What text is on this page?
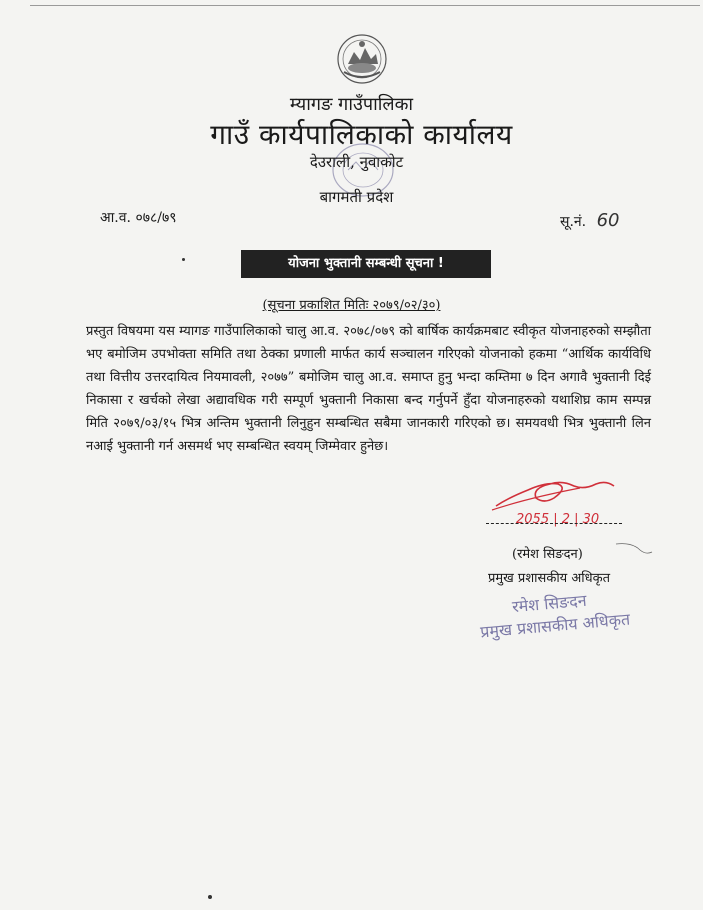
म्यागङ गाउँपालिका
गाउँ कार्यपालिकाको कार्यालय
देउराली, नुवाकोट
बागमती प्रदेश
आ.व. ०७८/७९	सू.नं. 60
योजना भुक्तानी सम्बन्धी सूचना !
(सूचना प्रकाशित मितिः २०७९/०२/३०)
प्रस्तुत विषयमा यस म्यागङ गाउँपालिकाको चालु आ.व. २०७८/०७९ को बार्षिक कार्यक्रमबाट स्वीकृत योजनाहरुको सम्झौता भए बमोजिम उपभोक्ता समिति तथा ठेक्का प्रणाली मार्फत कार्य सञ्चालन गरिएको योजनाको हकमा “आर्थिक कार्यविधि तथा वित्तीय उत्तरदायित्व नियमावली, २०७७” बमोजिम चालु आ.व. समाप्त हुनु भन्दा कम्तिमा ७ दिन अगावै भुक्तानी दिई निकासा र खर्चको लेखा अद्यावधिक गरी सम्पूर्ण भुक्तानी निकासा बन्द गर्नुपर्ने हुँदा योजनाहरुको यथाशिघ्र काम सम्पन्न मिति २०७९/०३/१५ भित्र अन्तिम भुक्तानी लिनुहुन सम्बन्धित सबैमा जानकारी गरिएको छ। समयवधी भित्र भुक्तानी लिन नआई भुक्तानी गर्न असमर्थ भए सम्बन्धित स्वयम् जिम्मेवार हुनेछ।
2055 | 2 | 30
(रमेश सिङदन)
प्रमुख प्रशासकीय अधिकृत
रमेश सिङदन
प्रमुख प्रशासकीय अधिकृत
